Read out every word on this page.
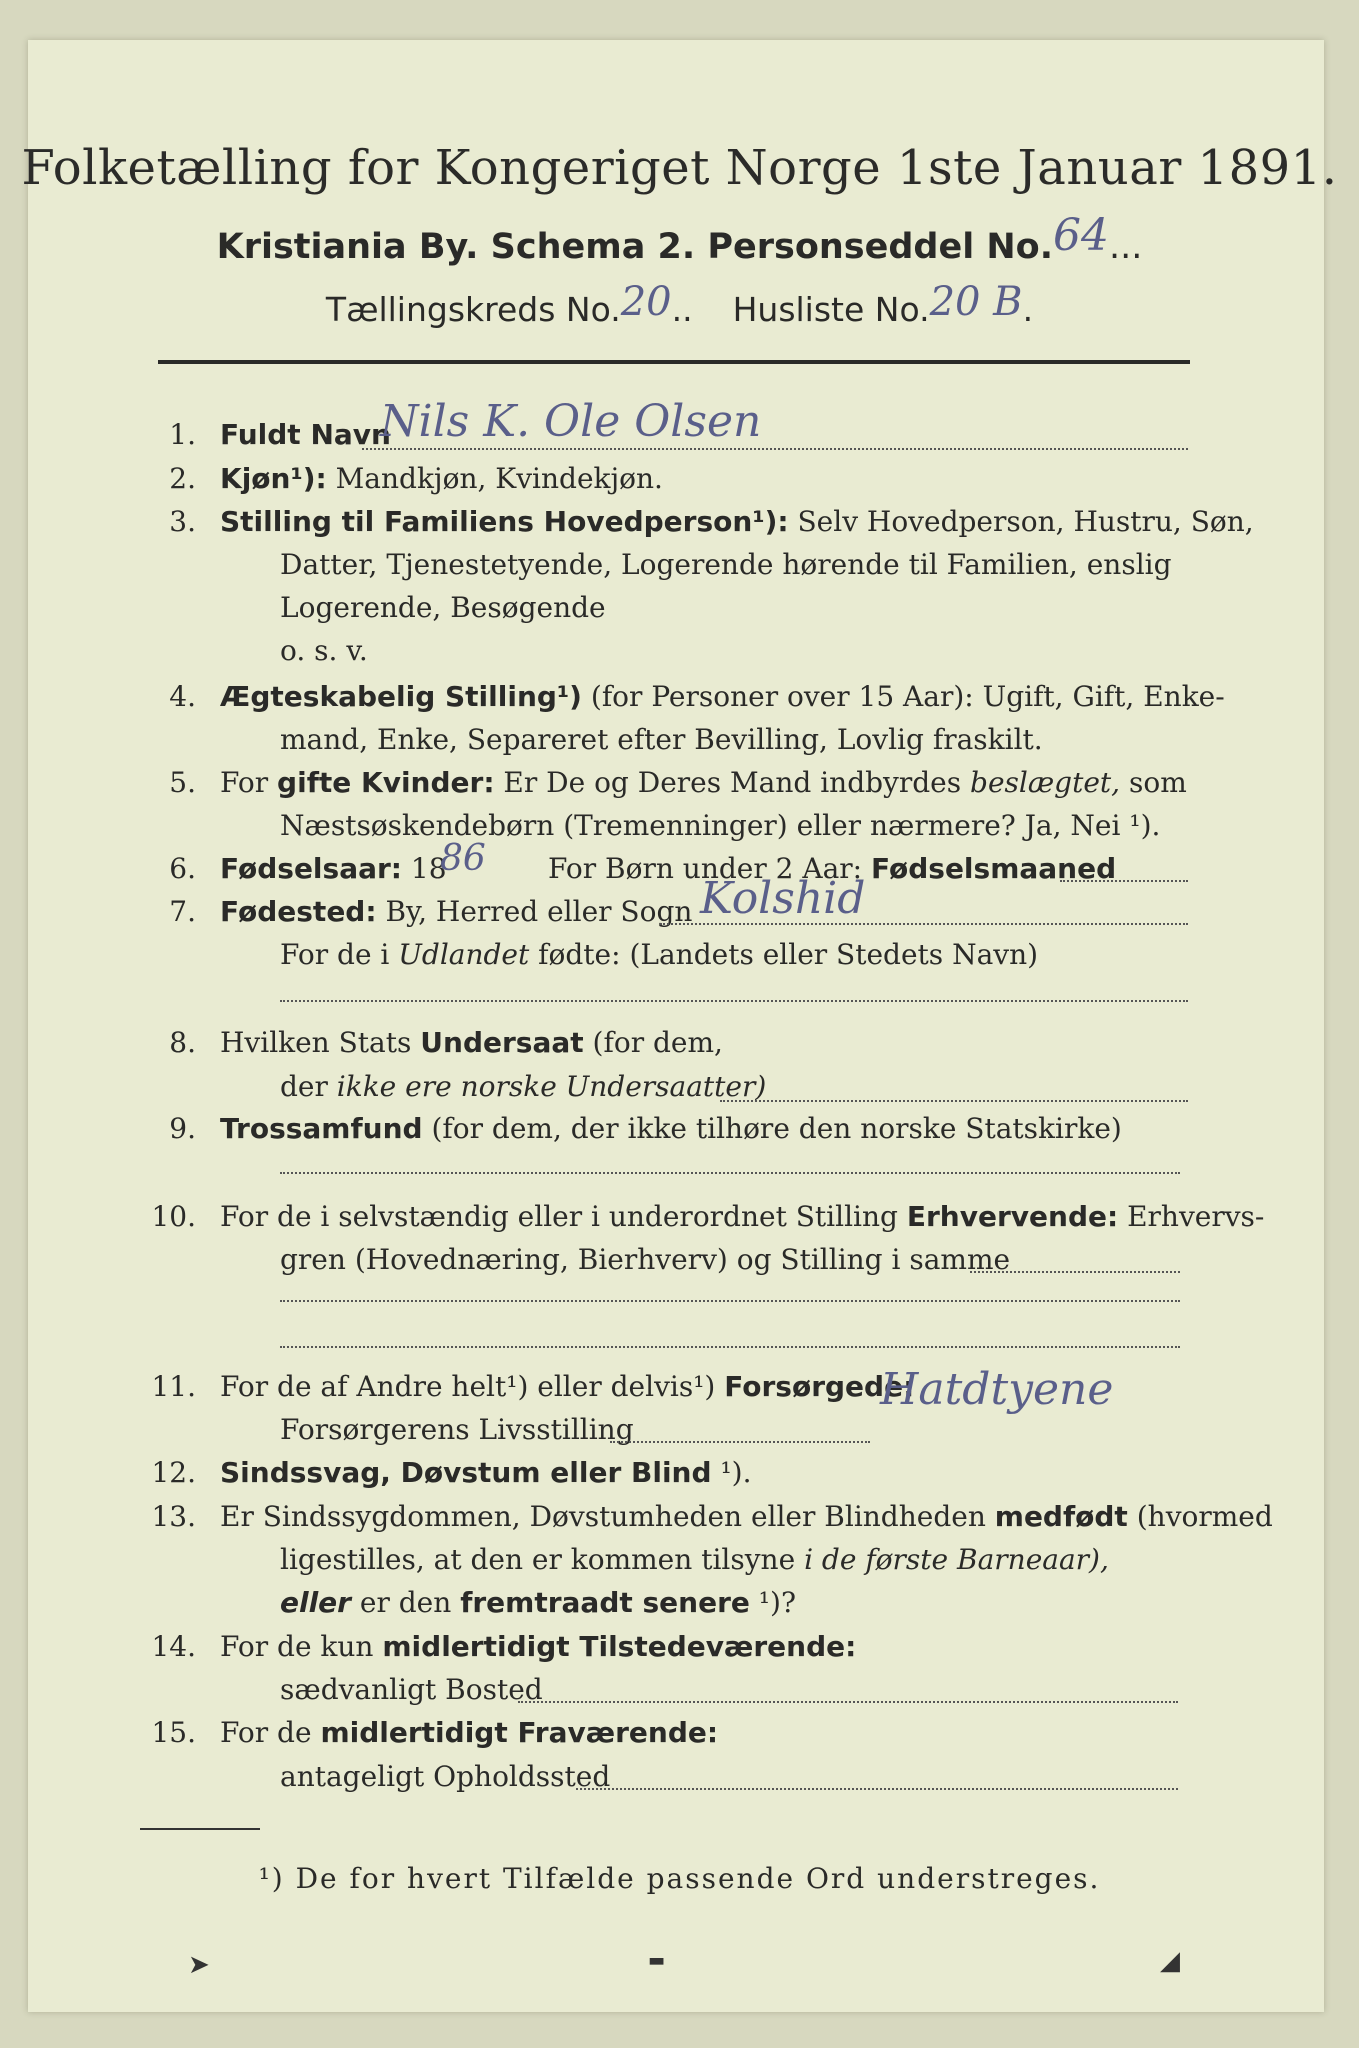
Folketælling for Kongeriget Norge 1ste Januar 1891.
Kristiania By. Schema 2. Personseddel No.64...
Tællingskreds No.20.. Husliste No.20 B.
1. Fuldt Navn
Nils K. Ole Olsen
2. Kjøn¹): Mandkjøn, Kvindekjøn.
3. Stilling til Familiens Hovedperson¹): Selv Hovedperson, Hustru, Søn,
Datter, Tjenestetyende, Logerende hørende til Familien, enslig
Logerende, Besøgende
o. s. v.
4. Ægteskabelig Stilling¹) (for Personer over 15 Aar): Ugift, Gift, Enke-
mand, Enke, Separeret efter Bevilling, Lovlig fraskilt.
5. For gifte Kvinder: Er De og Deres Mand indbyrdes beslægtet, som
Næstsøskendebørn (Tremenninger) eller nærmere? Ja, Nei ¹).
6. Fødselsaar: 18
86 For Børn under 2 Aar: Fødselsmaaned
7. Fødested: By, Herred eller Sogn Kolshid
For de i Udlandet fødte: (Landets eller Stedets Navn)
8. Hvilken Stats Undersaat (for dem,
der ikke ere norske Undersaatter)
9. Trossamfund (for dem, der ikke tilhøre den norske Statskirke)
10. For de i selvstændig eller i underordnet Stilling Erhvervende: Erhvervs-
gren (Hovednæring, Bierhverv) og Stilling i samme
11. For de af Andre helt¹) eller delvis¹) Forsørgede:
Hatdtyene
Forsørgerens Livsstilling
12. Sindssvag, Døvstum eller Blind ¹).
13. Er Sindssygdommen, Døvstumheden eller Blindheden medfødt (hvormed
ligestilles, at den er kommen tilsyne i de første Barneaar),
eller er den fremtraadt senere ¹)?
14. For de kun midlertidigt Tilstedeværende:
sædvanligt Bosted
15. For de midlertidigt Fraværende:
antageligt Opholdssted
¹) De for hvert Tilfælde passende Ord understreges.
➤	▬	◢
